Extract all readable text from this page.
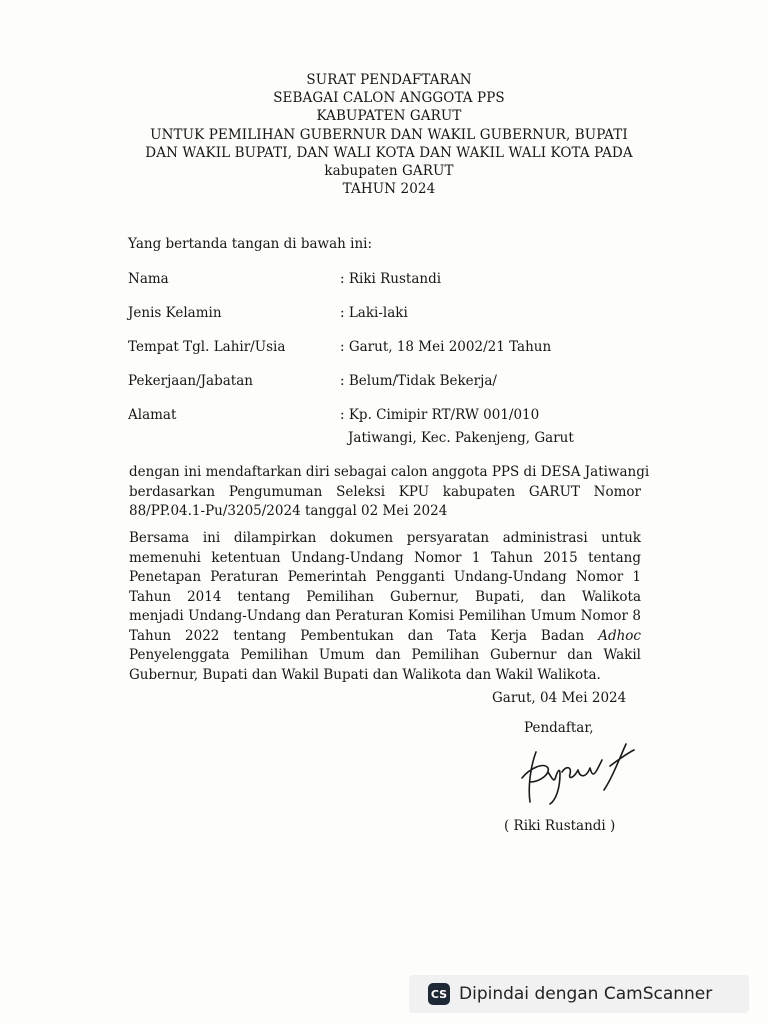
SURAT PENDAFTARAN
SEBAGAI CALON ANGGOTA PPS
KABUPATEN GARUT
UNTUK PEMILIHAN GUBERNUR DAN WAKIL GUBERNUR, BUPATI
DAN WAKIL BUPATI, DAN WALI KOTA DAN WAKIL WALI KOTA PADA
kabupaten GARUT
TAHUN 2024
Yang bertanda tangan di bawah ini:
Nama	: Riki Rustandi
Jenis Kelamin	: Laki-laki
Tempat Tgl. Lahir/Usia	: Garut, 18 Mei 2002/21 Tahun
Pekerjaan/Jabatan	: Belum/Tidak Bekerja/
Alamat	: Kp. Cimipir RT/RW 001/010
Jatiwangi, Kec. Pakenjeng, Garut
dengan ini mendaftarkan diri sebagai calon anggota PPS di DESA Jatiwangi
berdasarkan Pengumuman Seleksi KPU kabupaten GARUT Nomor
88/PP.04.1-Pu/3205/2024 tanggal 02 Mei 2024
Bersama ini dilampirkan dokumen persyaratan administrasi untuk
memenuhi ketentuan Undang-Undang Nomor 1 Tahun 2015 tentang
Penetapan Peraturan Pemerintah Pengganti Undang-Undang Nomor 1
Tahun 2014 tentang Pemilihan Gubernur, Bupati, dan Walikota
menjadi Undang-Undang dan Peraturan Komisi Pemilihan Umum Nomor 8
Tahun 2022 tentang Pembentukan dan Tata Kerja Badan Adhoc
Penyelenggata Pemilihan Umum dan Pemilihan Gubernur dan Wakil
Gubernur, Bupati dan Wakil Bupati dan Walikota dan Wakil Walikota.
Garut, 04 Mei 2024
Pendaftar,
( Riki Rustandi )
CS Dipindai dengan CamScanner
